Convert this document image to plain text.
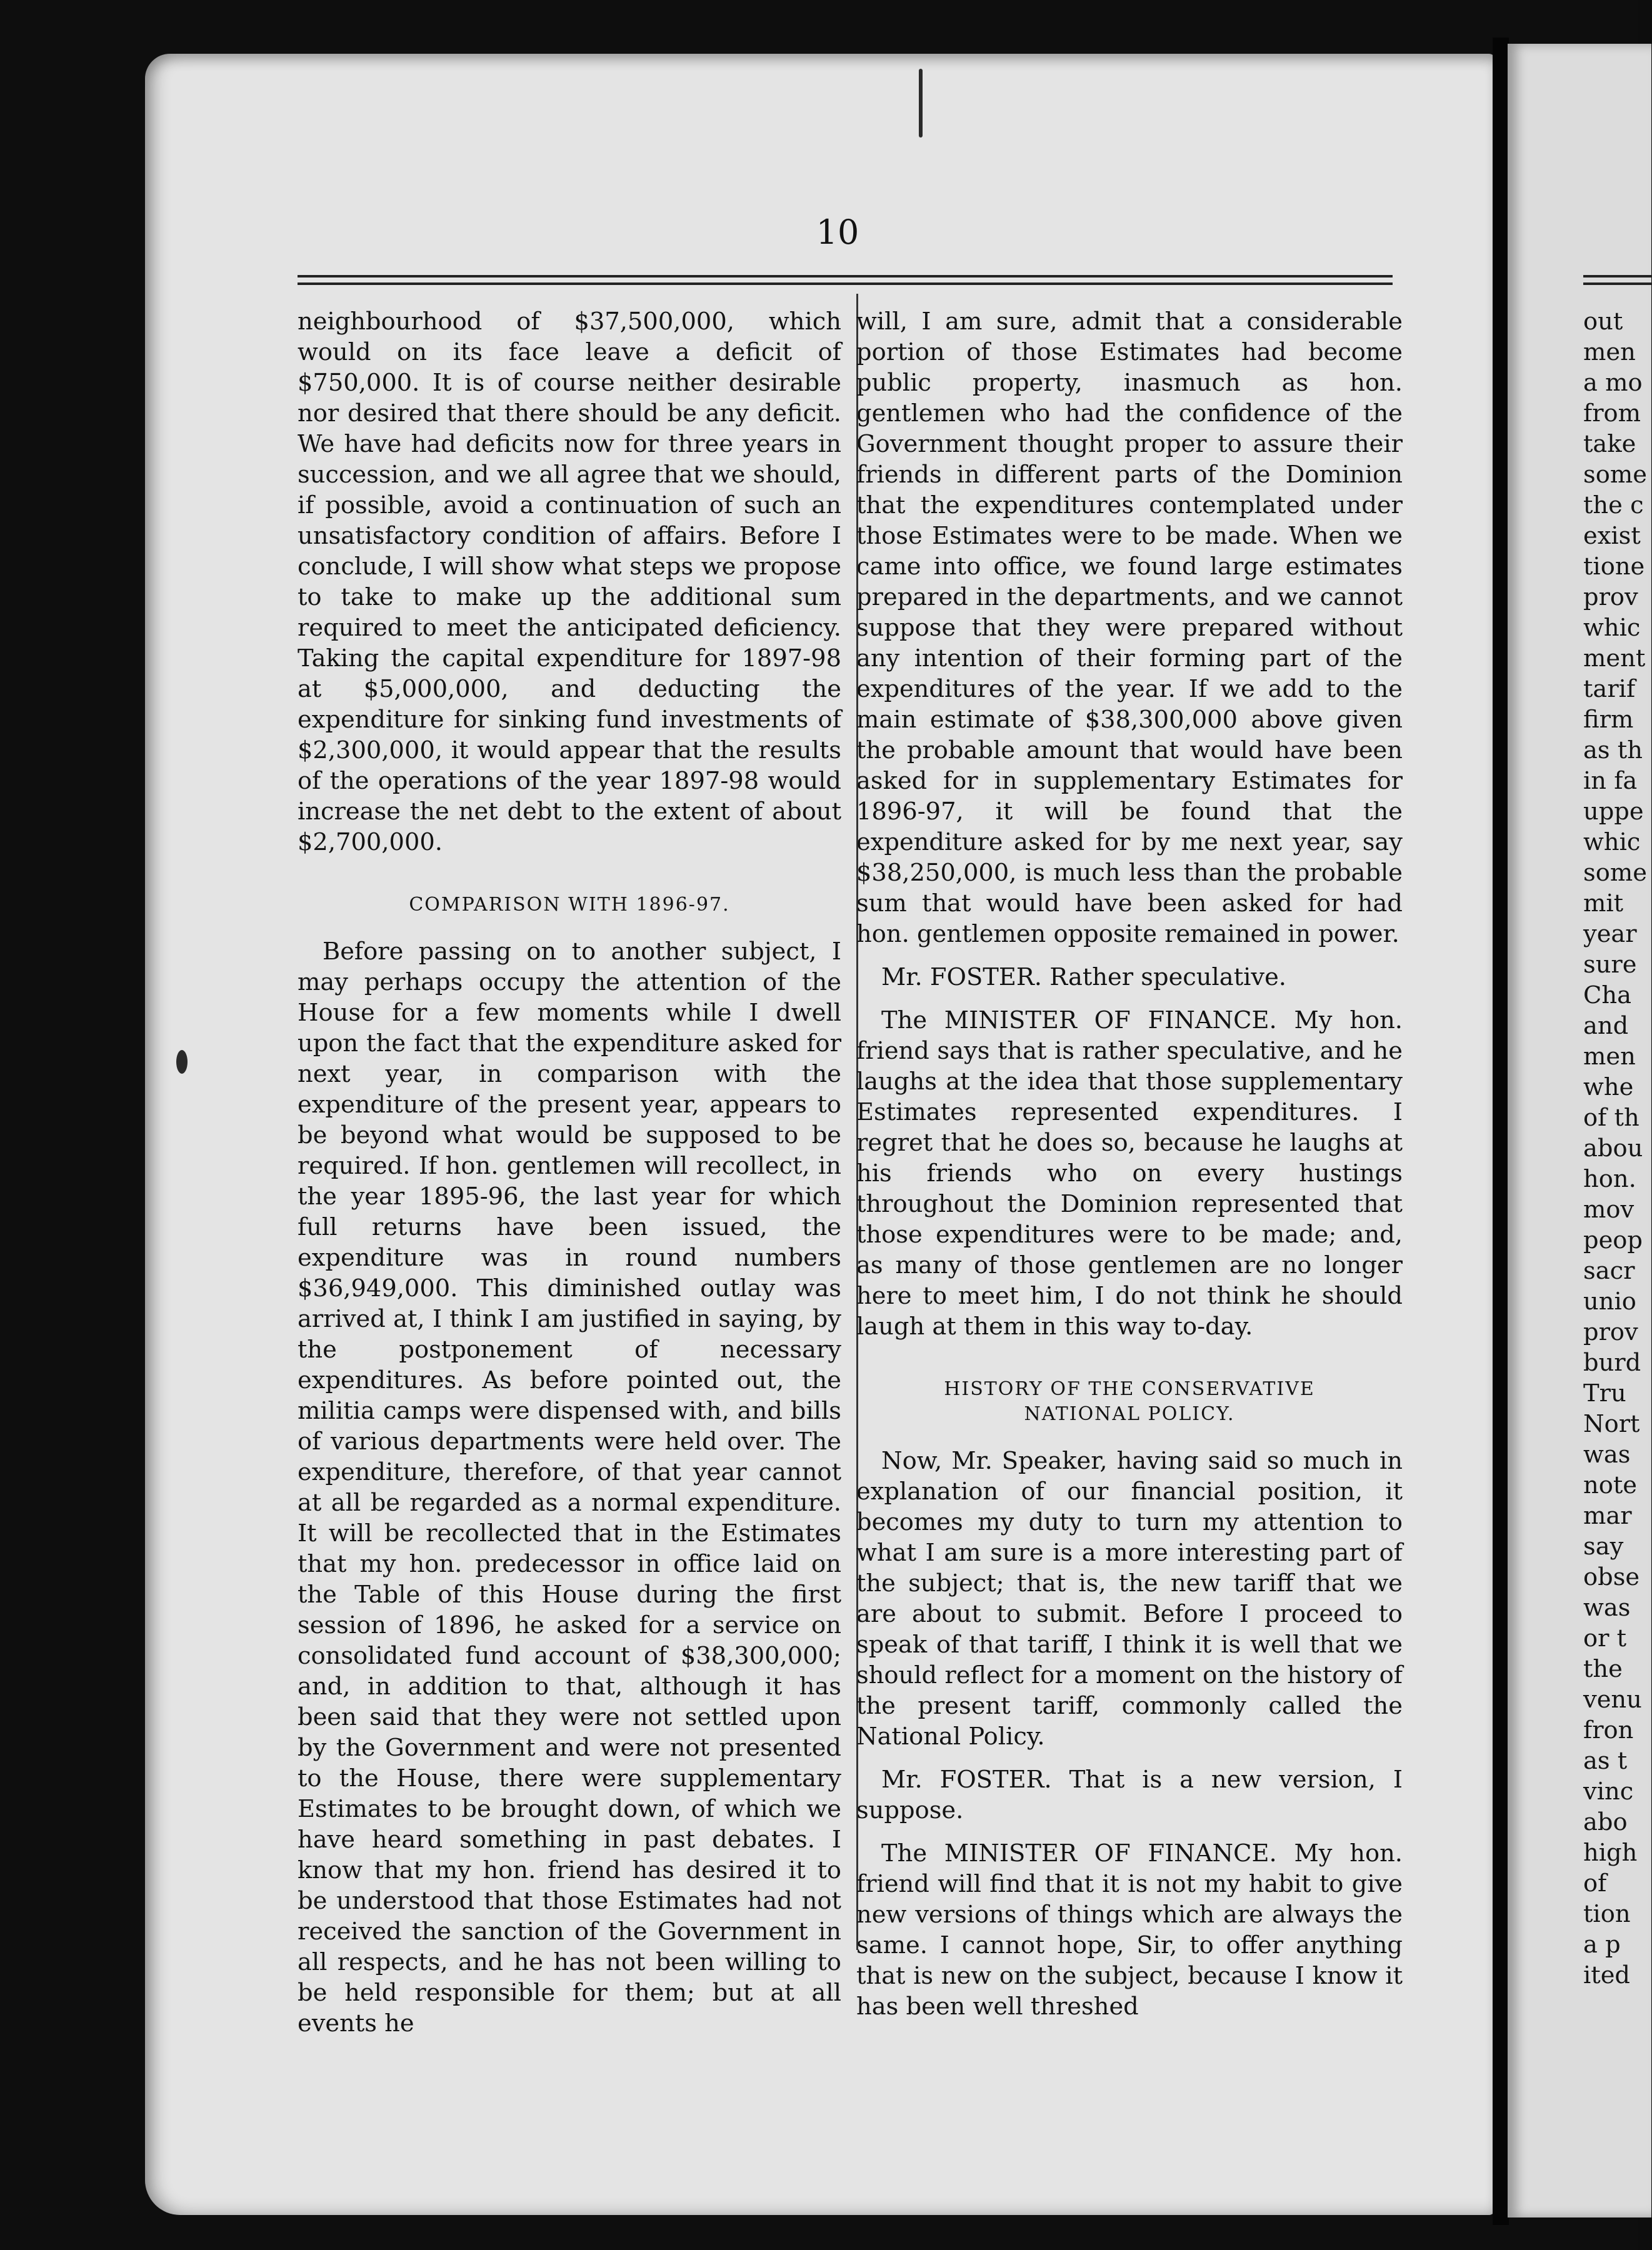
10

neighbourhood of $37,500,000, which would on its face leave a deficit of $750,000. It is of course neither desirable nor desired that there should be any deficit. We have had deficits now for three years in succession, and we all agree that we should, if possible, avoid a continuation of such an unsatisfactory condition of affairs. Before I conclude, I will show what steps we propose to take to make up the additional sum required to meet the anticipated deficiency. Taking the capital expenditure for 1897-98 at $5,000,000, and deducting the expenditure for sinking fund investments of $2,300,000, it would appear that the results of the operations of the year 1897-98 would increase the net debt to the extent of about $2,700,000.

COMPARISON WITH 1896-97.

Before passing on to another subject, I may perhaps occupy the attention of the House for a few moments while I dwell upon the fact that the expenditure asked for next year, in comparison with the expenditure of the present year, appears to be beyond what would be supposed to be required. If hon. gentlemen will recollect, in the year 1895-96, the last year for which full returns have been issued, the expenditure was in round numbers $36,949,000. This diminished outlay was arrived at, I think I am justified in saying, by the postponement of necessary expenditures. As before pointed out, the militia camps were dispensed with, and bills of various departments were held over. The expenditure, therefore, of that year cannot at all be regarded as a normal expenditure. It will be recollected that in the Estimates that my hon. predecessor in office laid on the Table of this House during the first session of 1896, he asked for a service on consolidated fund account of $38,300,000; and, in addition to that, although it has been said that they were not settled upon by the Government and were not presented to the House, there were supplementary Estimates to be brought down, of which we have heard something in past debates. I know that my hon. friend has desired it to be understood that those Estimates had not received the sanction of the Government in all respects, and he has not been willing to be held responsible for them; but at all events he

will, I am sure, admit that a considerable portion of those Estimates had become public property, inasmuch as hon. gentlemen who had the confidence of the Government thought proper to assure their friends in different parts of the Dominion that the expenditures contemplated under those Estimates were to be made. When we came into office, we found large estimates prepared in the departments, and we cannot suppose that they were prepared without any intention of their forming part of the expenditures of the year. If we add to the main estimate of $38,300,000 above given the probable amount that would have been asked for in supplementary Estimates for 1896-97, it will be found that the expenditure asked for by me next year, say $38,250,000, is much less than the probable sum that would have been asked for had hon. gentlemen opposite remained in power.

Mr. FOSTER. Rather speculative.

The MINISTER OF FINANCE. My hon. friend says that is rather speculative, and he laughs at the idea that those supplementary Estimates represented expenditures. I regret that he does so, because he laughs at his friends who on every hustings throughout the Dominion represented that those expenditures were to be made; and, as many of those gentlemen are no longer here to meet him, I do not think he should laugh at them in this way to-day.

HISTORY OF THE CONSERVATIVE
NATIONAL POLICY.

Now, Mr. Speaker, having said so much in explanation of our financial position, it becomes my duty to turn my attention to what I am sure is a more interesting part of the subject; that is, the new tariff that we are about to submit. Before I proceed to speak of that tariff, I think it is well that we should reflect for a moment on the history of the present tariff, commonly called the National Policy.

Mr. FOSTER. That is a new version, I suppose.

The MINISTER OF FINANCE. My hon. friend will find that it is not my habit to give new versions of things which are always the same. I cannot hope, Sir, to offer anything that is new on the subject, because I know it has been well threshed

out
men
a mo
from
take
some
the c
exist
tione
prov
whic
ment
tarif
firm
as th
in fa
uppe
whic
some
mit
year
sure
Cha
and
men
whe
of th
abou
hon.
mov
peop
sacr
unio
prov
burd
Tru
Nort
was
note
mar
say
obse
was
or t
the
venu
fron
as t
vinc
abo
high
of
tion
a p
ited
